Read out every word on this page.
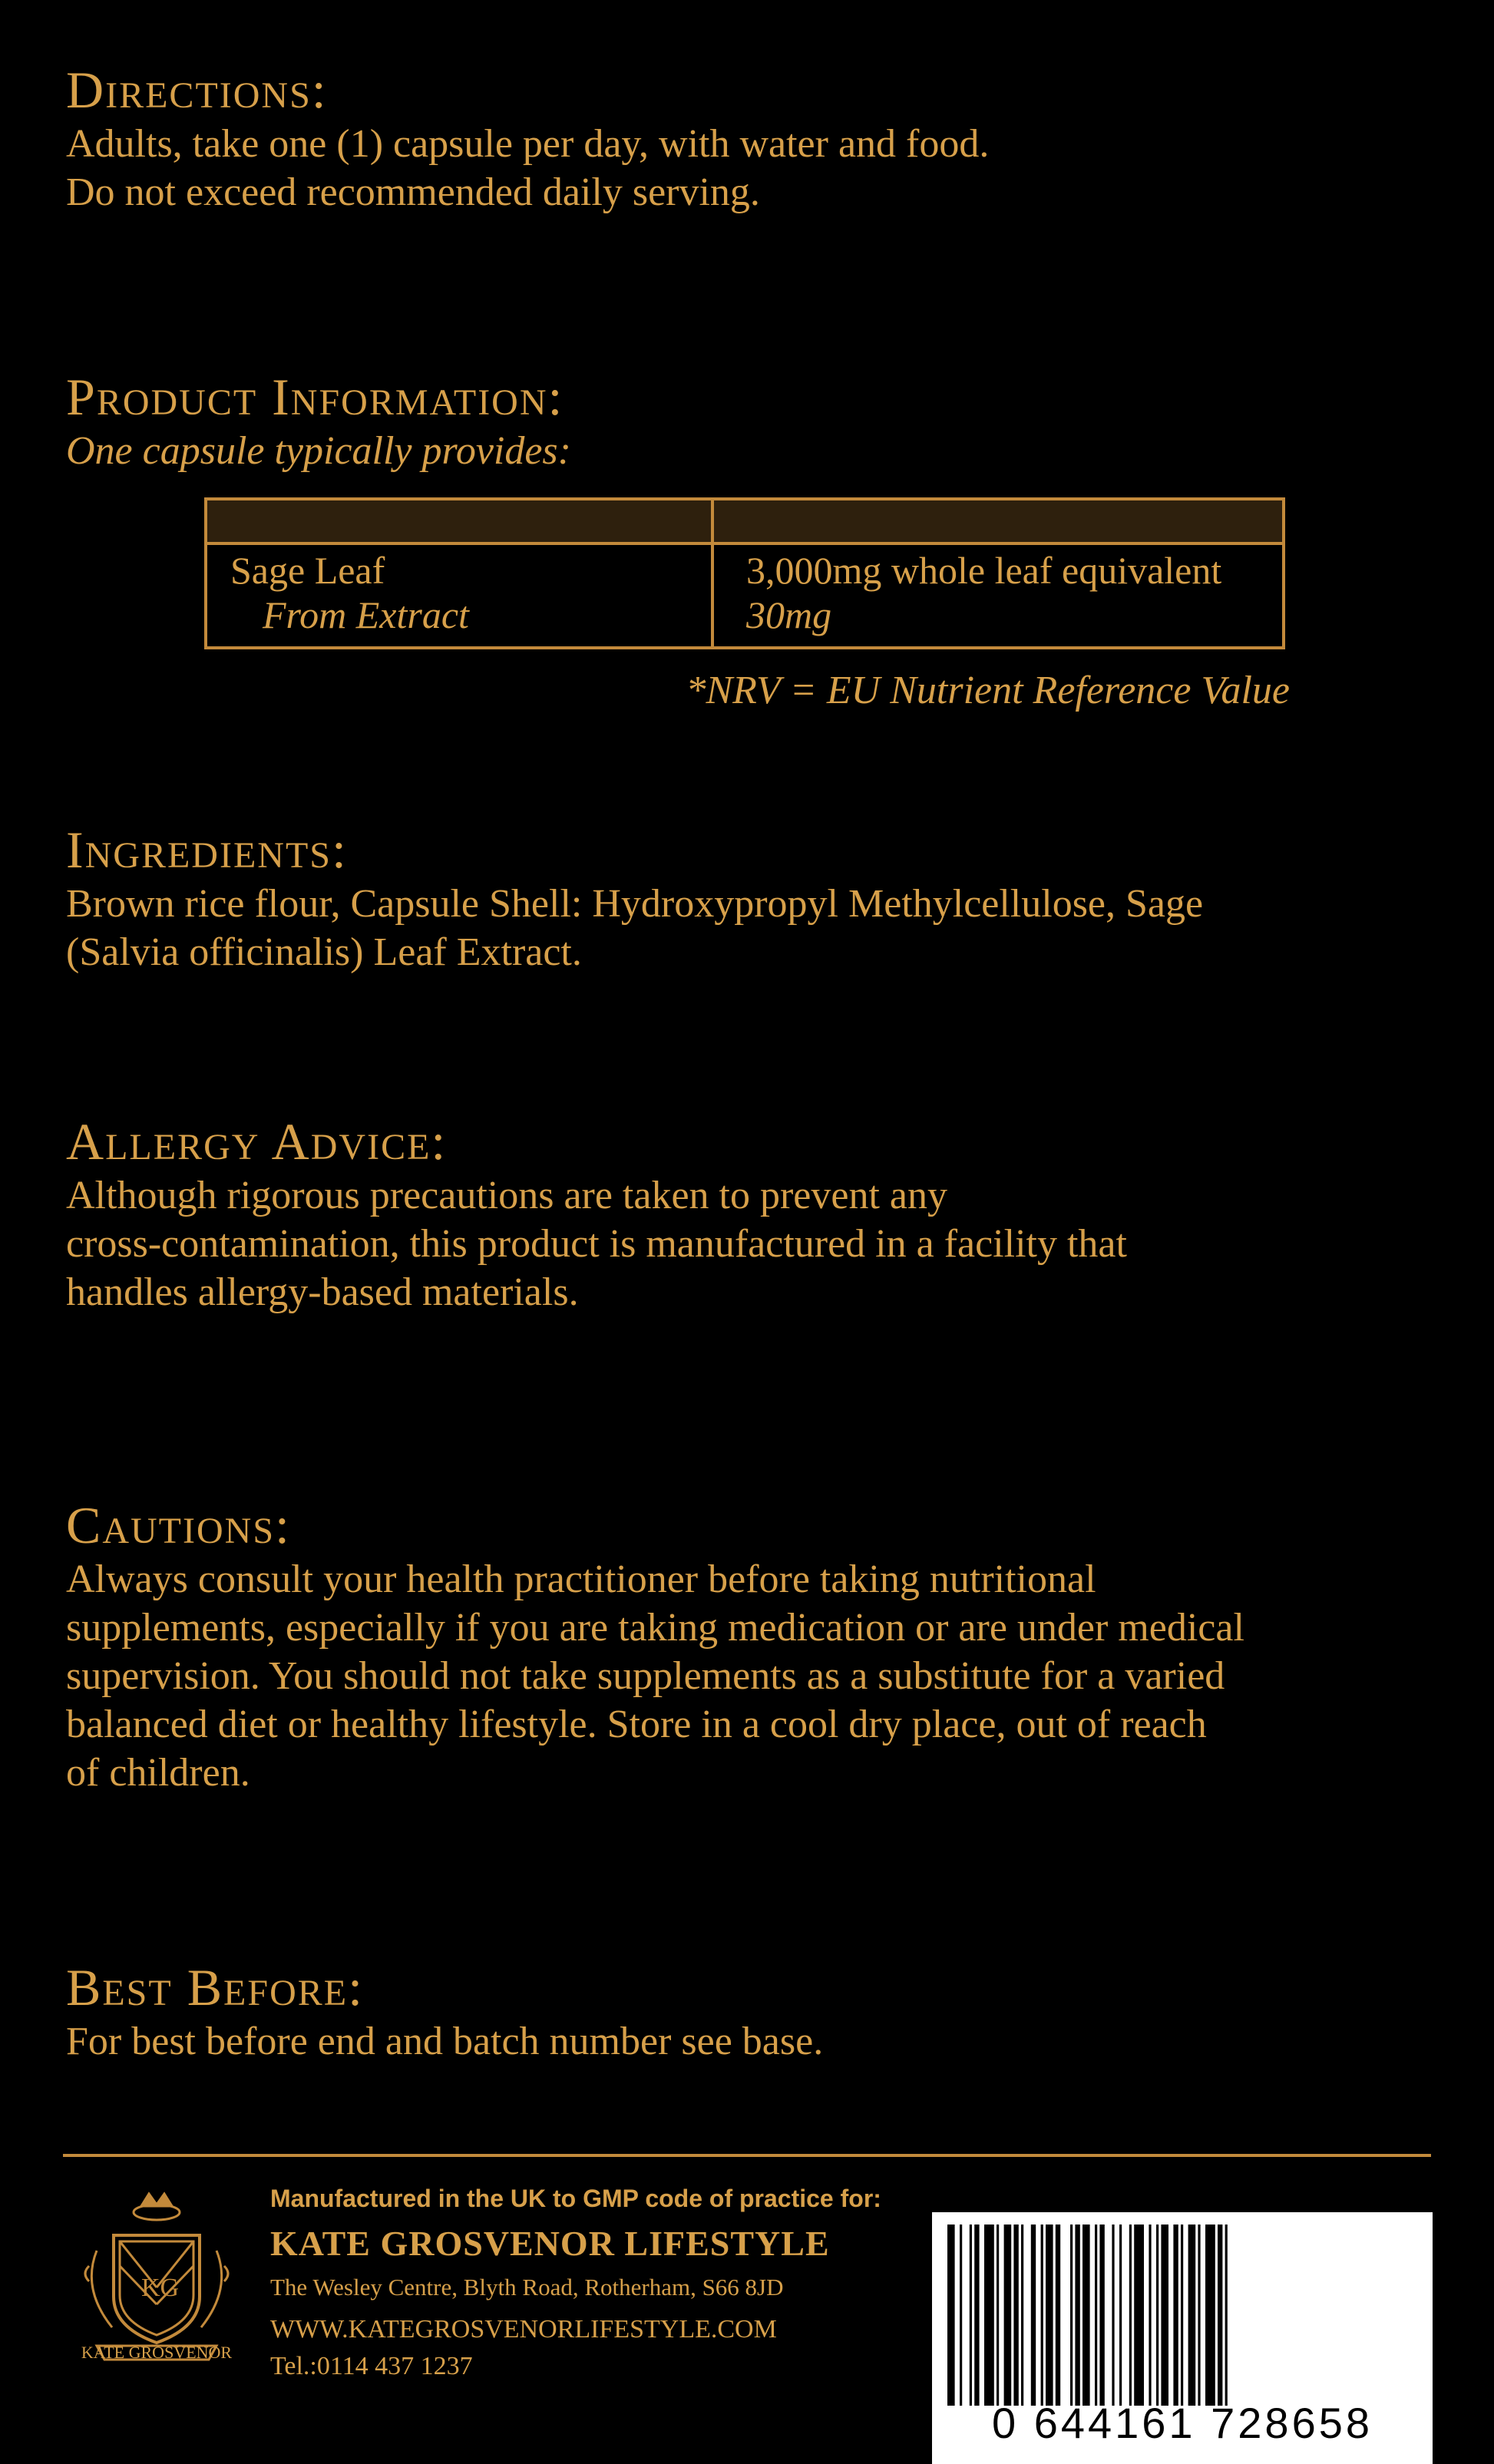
Directions:
Adults, take one (1) capsule per day, with water and food.
Do not exceed recommended daily serving.
Product Information:
One capsule typically provides:
Sage Leaf	3,000mg whole leaf equivalent
From Extract	30mg
*NRV = EU Nutrient Reference Value
Ingredients:
Brown rice flour, Capsule Shell: Hydroxypropyl Methylcellulose, Sage
(Salvia officinalis) Leaf Extract.
Allergy Advice:
Although rigorous precautions are taken to prevent any
cross-contamination, this product is manufactured in a facility that
handles allergy-based materials.
Cautions:
Always consult your health practitioner before taking nutritional
supplements, especially if you are taking medication or are under medical
supervision. You should not take supplements as a substitute for a varied
balanced diet or healthy lifestyle. Store in a cool dry place, out of reach
of children.
Best Before:
For best before end and batch number see base.
KG
KATE GROSVENOR
Manufactured in the UK to GMP code of practice for:
KATE GROSVENOR LIFESTYLE
The Wesley Centre, Blyth Road, Rotherham, S66 8JD
WWW.KATEGROSVENORLIFESTYLE.COM
Tel.:0114 437 1237
0 644161 728658
